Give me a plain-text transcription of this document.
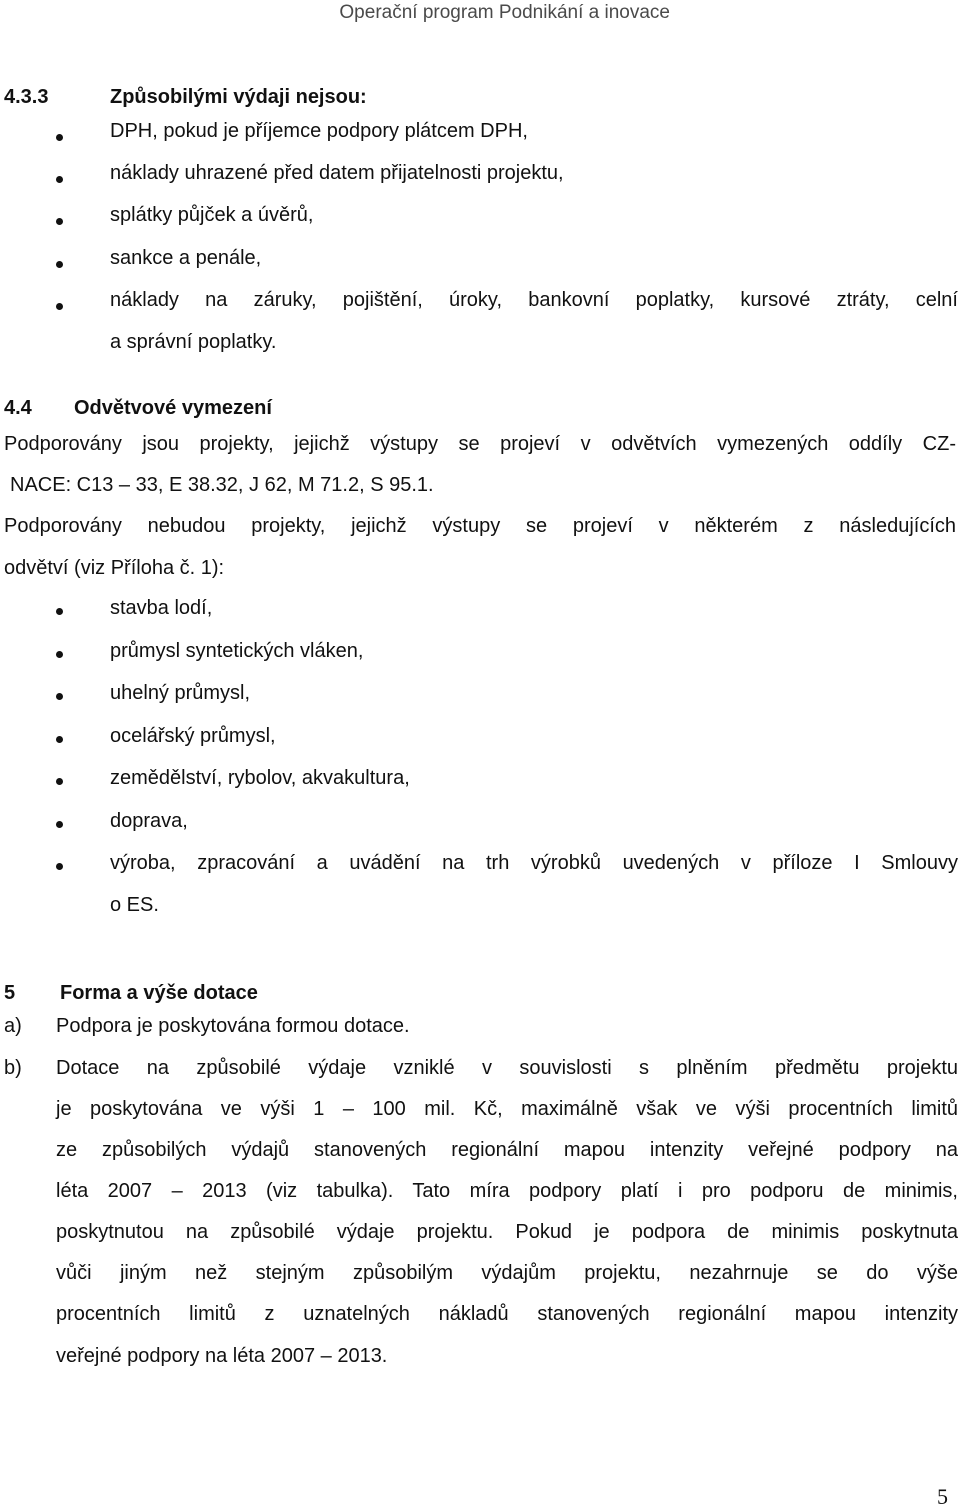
Operační program Podnikání a inovace
4.3.3	Způsobilými výdaji nejsou:
DPH, pokud je příjemce podpory plátcem DPH,
náklady uhrazené před datem přijatelnosti projektu,
splátky půjček a úvěrů,
sankce a penále,
náklady na záruky, pojištění, úroky, bankovní poplatky, kursové ztráty, celní
a správní poplatky.
4.4 Odvětvové vymezení
Podporovány jsou projekty, jejichž výstupy se projeví v odvětvích vymezených oddíly CZ-
NACE: C13 – 33, E 38.32, J 62, M 71.2, S 95.1.
Podporovány nebudou projekty, jejichž výstupy se projeví v některém z následujících
odvětví (viz Příloha č. 1):
stavba lodí,
průmysl syntetických vláken,
uhelný průmysl,
ocelářský průmysl,
zemědělství, rybolov, akvakultura,
doprava,
výroba, zpracování a uvádění na trh výrobků uvedených v příloze I Smlouvy
o ES.
5 Forma a výše dotace
a) Podpora je poskytována formou dotace.
b) Dotace na způsobilé výdaje vzniklé v souvislosti s plněním předmětu projektu
je poskytována ve výši 1 – 100 mil. Kč, maximálně však ve výši procentních limitů
ze způsobilých výdajů stanovených regionální mapou intenzity veřejné podpory na
léta 2007 – 2013 (viz tabulka). Tato míra podpory platí i pro podporu de minimis,
poskytnutou na způsobilé výdaje projektu. Pokud je podpora de minimis poskytnuta
vůči jiným než stejným způsobilým výdajům projektu, nezahrnuje se do výše
procentních limitů z uznatelných nákladů stanovených regionální mapou intenzity
veřejné podpory na léta 2007 – 2013.
5
